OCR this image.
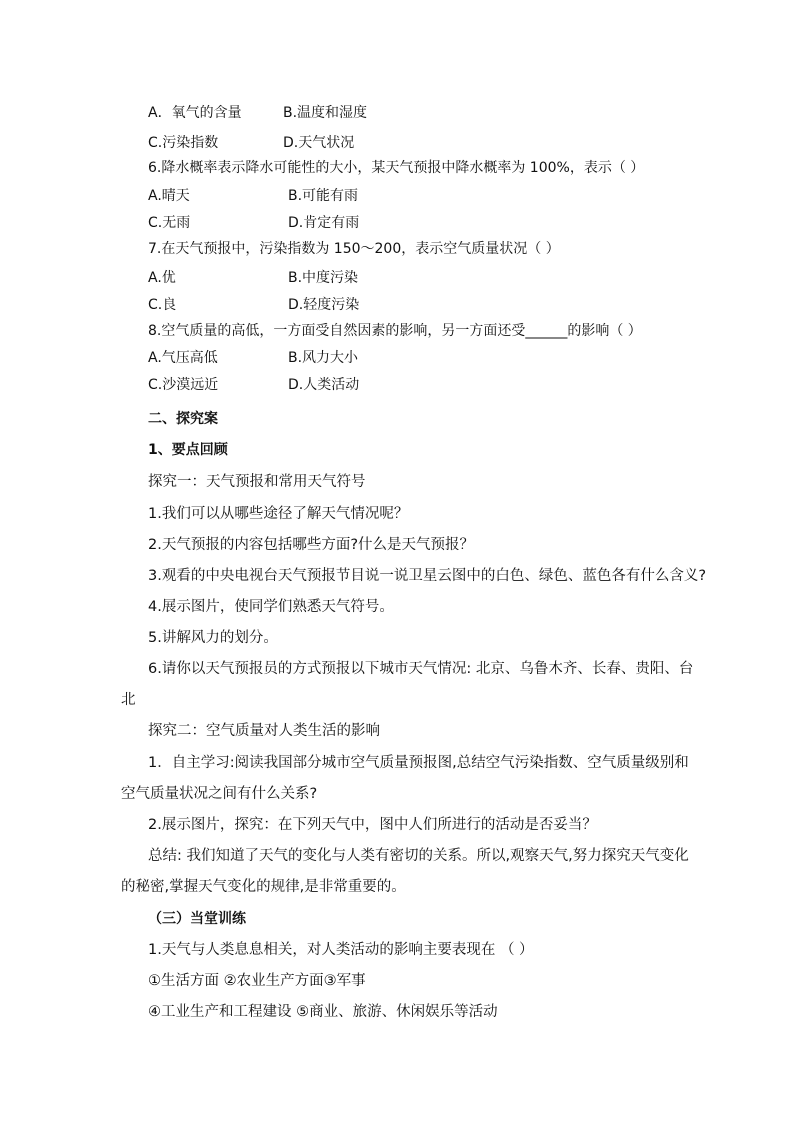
A．氧气的含量	B.温度和湿度
C.污染指数	D.天气状况
6.降水概率表示降水可能性的大小，某天气预报中降水概率为 100%，表示（ ）
A.晴天	B.可能有雨
C.无雨	D.肯定有雨
7.在天气预报中，污染指数为 150～200，表示空气质量状况（ ）
A.优	B.中度污染
C.良	D.轻度污染
8.空气质量的高低，一方面受自然因素的影响，另一方面还受______的影响（ ）
A.气压高低	B.风力大小
C.沙漠远近	D.人类活动
二、探究案
1、要点回顾
探究一：天气预报和常用天气符号
1.我们可以从哪些途径了解天气情况呢？
2.天气预报的内容包括哪些方面?什么是天气预报？
3.观看的中央电视台天气预报节目说一说卫星云图中的白色、绿色、蓝色各有什么含义?
4.展示图片，使同学们熟悉天气符号。
5.讲解风力的划分。
6.请你以天气预报员的方式预报以下城市天气情况: 北京、乌鲁木齐、长春、贵阳、台
北
探究二：空气质量对人类生活的影响
1．自主学习:阅读我国部分城市空气质量预报图,总结空气污染指数、空气质量级别和
空气质量状况之间有什么关系?
2.展示图片，探究：在下列天气中，图中人们所进行的活动是否妥当？
总结: 我们知道了天气的变化与人类有密切的关系。所以,观察天气,努力探究天气变化
的秘密,掌握天气变化的规律,是非常重要的。
（三）当堂训练
1.天气与人类息息相关，对人类活动的影响主要表现在 （ ）
①生活方面 ②农业生产方面③军事
④工业生产和工程建设 ⑤商业、旅游、休闲娱乐等活动
